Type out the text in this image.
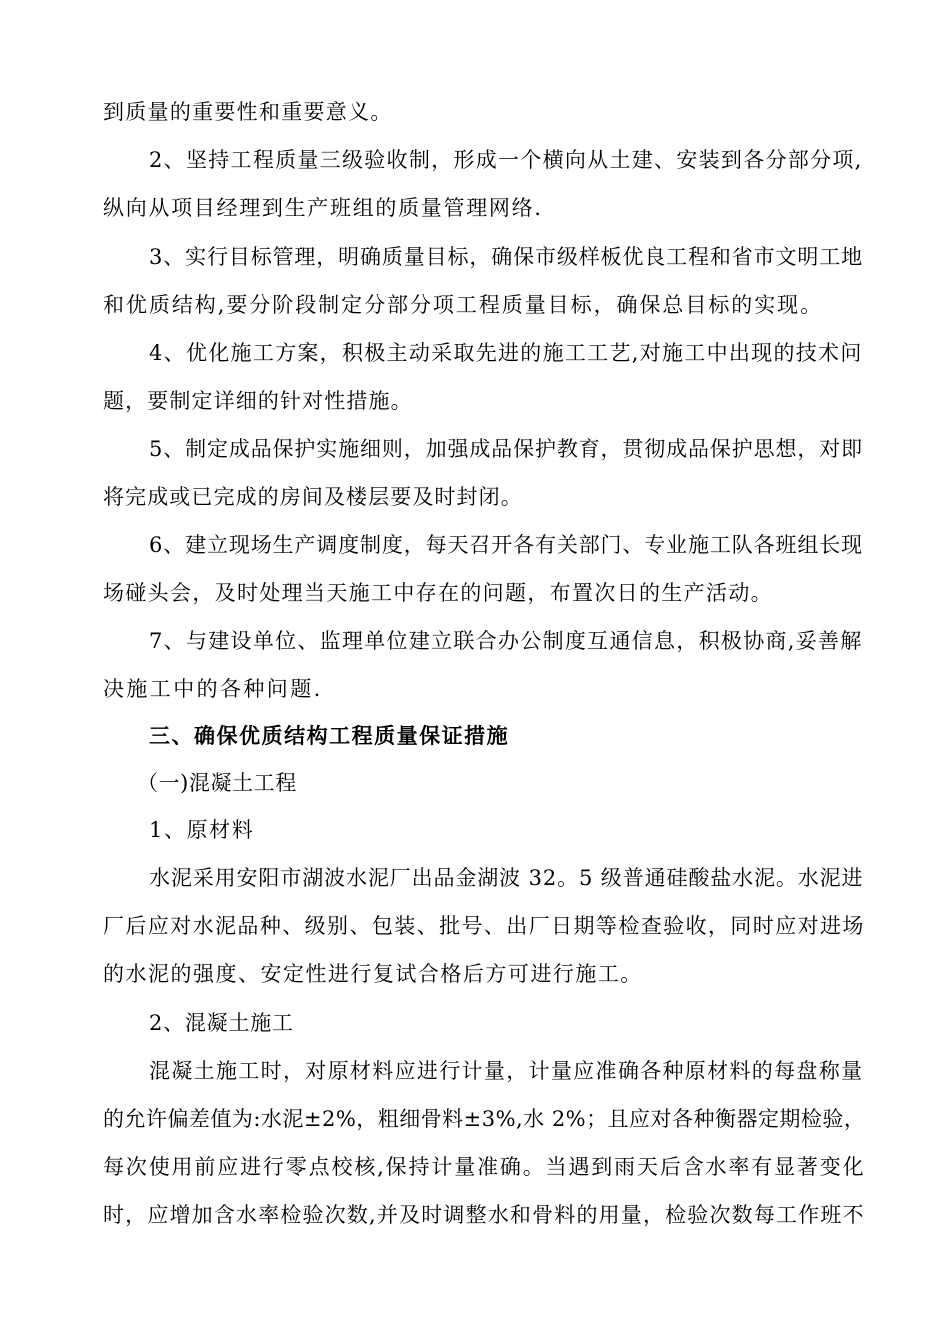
到质量的重要性和重要意义。
2、坚持工程质量三级验收制，形成一个横向从土建、安装到各分部分项,
纵向从项目经理到生产班组的质量管理网络.
3、实行目标管理，明确质量目标，确保市级样板优良工程和省市文明工地
和优质结构,要分阶段制定分部分项工程质量目标，确保总目标的实现。
4、优化施工方案，积极主动采取先进的施工工艺,对施工中出现的技术问
题，要制定详细的针对性措施。
5、制定成品保护实施细则，加强成品保护教育，贯彻成品保护思想，对即
将完成或已完成的房间及楼层要及时封闭。
6、建立现场生产调度制度，每天召开各有关部门、专业施工队各班组长现
场碰头会，及时处理当天施工中存在的问题，布置次日的生产活动。
7、与建设单位、监理单位建立联合办公制度互通信息，积极协商,妥善解
决施工中的各种问题.
三、确保优质结构工程质量保证措施
（一)混凝土工程
1、原材料
水泥采用安阳市湖波水泥厂出品金湖波 32。5 级普通硅酸盐水泥。水泥进
厂后应对水泥品种、级别、包装、批号、出厂日期等检查验收，同时应对进场
的水泥的强度、安定性进行复试合格后方可进行施工。
2、混凝土施工
混凝土施工时，对原材料应进行计量，计量应准确各种原材料的每盘称量
的允许偏差值为:水泥±2%，粗细骨料±3%,水 2%；且应对各种衡器定期检验，
每次使用前应进行零点校核,保持计量准确。当遇到雨天后含水率有显著变化
时，应增加含水率检验次数,并及时调整水和骨料的用量，检验次数每工作班不
